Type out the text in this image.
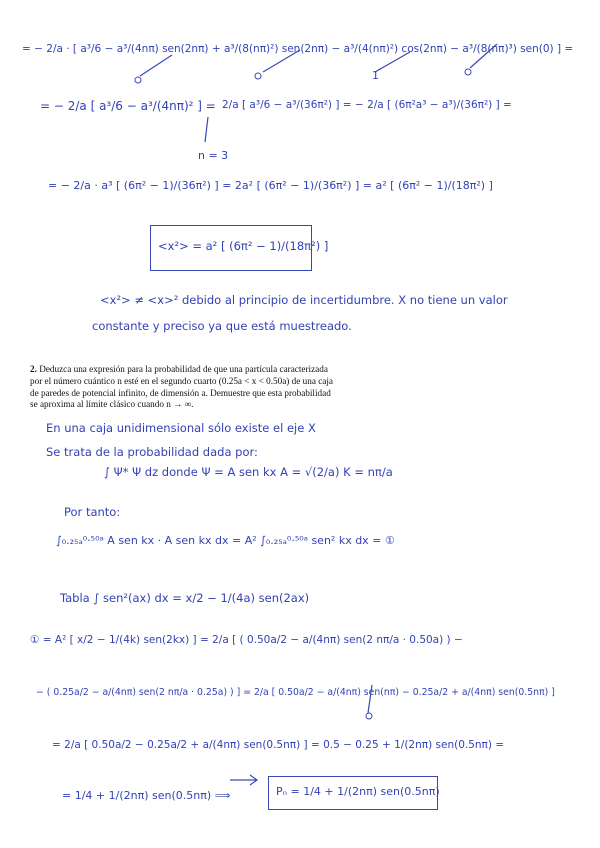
= − 2/a · [ a³/6 − a³/(4nπ) sen(2nπ) + a³/(8(nπ)²) sen(2nπ) − a³/(4(nπ)²) cos(2nπ) − a³/(8(nπ)³) sen(0) ] =
1
= − 2/a [ a³/6 − a³/(4nπ)² ] = 2/a [ a³/6 − a³/(36π²) ] = − 2/a [ (6π²a³ − a³)/(36π²) ] =
n = 3
= − 2/a · a³ [ (6π² − 1)/(36π²) ] = 2a² [ (6π² − 1)/(36π²) ] = a² [ (6π² − 1)/(18π²) ]
<x²> = a² [ (6π² − 1)/(18π²) ]
<x²> ≠ <x>² debido al principio de incertidumbre. X no tiene un valor
constante y preciso ya que está muestreado.
2. Deduzca una expresión para la probabilidad de que una partícula caracterizada por el número cuántico n esté en el segundo cuarto (0.25a < x < 0.50a) de una caja de paredes de potencial infinito, de dimensión a. Demuestre que esta probabilidad se aproxima al límite clásico cuando n → ∞.
En una caja unidimensional sólo existe el eje X
Se trata de la probabilidad dada por:
∫ Ψ* Ψ dz donde Ψ = A sen kx A = √(2/a) K = nπ/a
Por tanto:
∫₀.₂₅ₐ⁰·⁵⁰ᵃ A sen kx · A sen kx dx = A² ∫₀.₂₅ₐ⁰·⁵⁰ᵃ sen² kx dx = ①
Tabla ∫ sen²(ax) dx = x/2 − 1/(4a) sen(2ax)
① = A² [ x/2 − 1/(4k) sen(2kx) ] = 2/a [ ( 0.50a/2 − a/(4nπ) sen(2 nπ/a · 0.50a) ) −
− ( 0.25a/2 − a/(4nπ) sen(2 nπ/a · 0.25a) ) ] = 2/a [ 0.50a/2 − a/(4nπ) sen(nπ) − 0.25a/2 + a/(4nπ) sen(0.5nπ) ]
= 2/a [ 0.50a/2 − 0.25a/2 + a/(4nπ) sen(0.5nπ) ] = 0.5 − 0.25 + 1/(2nπ) sen(0.5nπ) =
= 1/4 + 1/(2nπ) sen(0.5nπ) ⟹	Pₙ = 1/4 + 1/(2nπ) sen(0.5nπ)
